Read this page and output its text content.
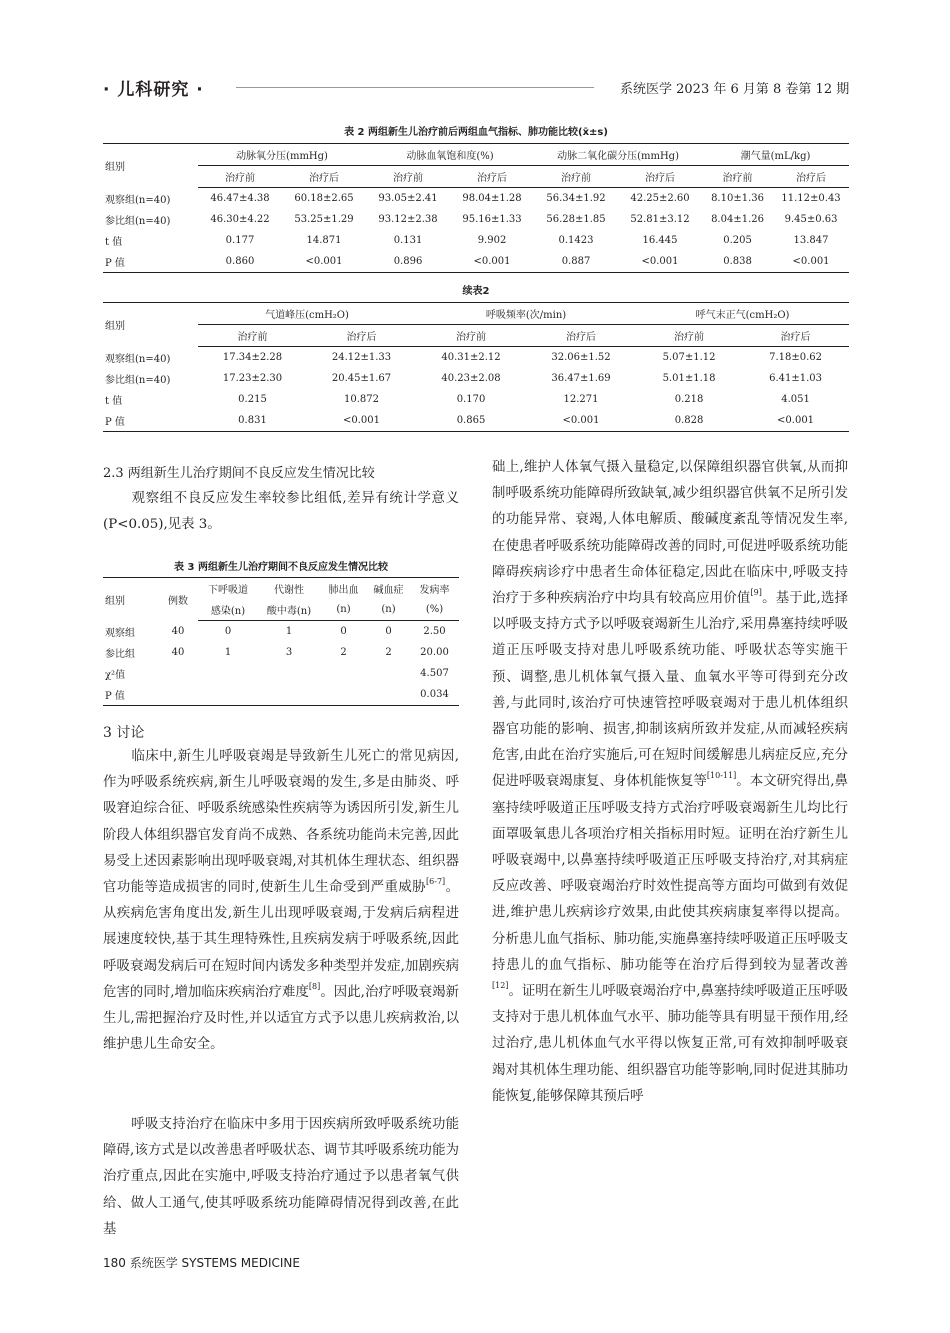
· 儿科研究 ·	系统医学 2023 年 6 月第 8 卷第 12 期
表 2 两组新生儿治疗前后两组血气指标、肺功能比较(x̄±s)
组别	动脉氧分压(mmHg)		动脉血氧饱和度(%)		动脉二氧化碳分压(mmHg)		潮气量(mL/kg)	
	治疗前	治疗后	治疗前	治疗后	治疗前	治疗后	治疗前	治疗后
观察组(n=40)	46.47±4.38	60.18±2.65	93.05±2.41	98.04±1.28	56.34±1.92	42.25±2.60	8.10±1.36	11.12±0.43
参比组(n=40)	46.30±4.22	53.25±1.29	93.12±2.38	95.16±1.33	56.28±1.85	52.81±3.12	8.04±1.26	9.45±0.63
t 值	0.177	14.871	0.131	9.902	0.1423	16.445	0.205	13.847
P 值	0.860	<0.001	0.896	<0.001	0.887	<0.001	0.838	<0.001
续表2
组别	气道峰压(cmH₂O)		呼吸频率(次/min)		呼气末正气(cmH₂O)	
	治疗前	治疗后	治疗前	治疗后	治疗前	治疗后
观察组(n=40)	17.34±2.28	24.12±1.33	40.31±2.12	32.06±1.52	5.07±1.12	7.18±0.62
参比组(n=40)	17.23±2.30	20.45±1.67	40.23±2.08	36.47±1.69	5.01±1.18	6.41±1.03
t 值	0.215	10.872	0.170	12.271	0.218	4.051
P 值	0.831	<0.001	0.865	<0.001	0.828	<0.001
2.3 两组新生儿治疗期间不良反应发生情况比较
观察组不良反应发生率较参比组低,差异有统计学意义(P<0.05),见表 3。
表 3 两组新生儿治疗期间不良反应发生情况比较
组别	例数	下呼吸道	代谢性	肺出血	碱血症	发病率
		感染(n)	酸中毒(n)	(n)	(n)	(%)
观察组	40	0	1	0	0	2.50
参比组	40	1	3	2	2	20.00
χ²值						4.507
P 值						0.034
3 讨论
临床中,新生儿呼吸衰竭是导致新生儿死亡的常见病因,作为呼吸系统疾病,新生儿呼吸衰竭的发生,多是由肺炎、呼吸窘迫综合征、呼吸系统感染性疾病等为诱因所引发,新生儿阶段人体组织器官发育尚不成熟、各系统功能尚未完善,因此易受上述因素影响出现呼吸衰竭,对其机体生理状态、组织器官功能等造成损害的同时,使新生儿生命受到严重威胁[6-7]。从疾病危害角度出发,新生儿出现呼吸衰竭,于发病后病程进展速度较快,基于其生理特殊性,且疾病发病于呼吸系统,因此呼吸衰竭发病后可在短时间内诱发多种类型并发症,加剧疾病危害的同时,增加临床疾病治疗难度[8]。因此,治疗呼吸衰竭新生儿,需把握治疗及时性,并以适宜方式予以患儿疾病救治,以维护患儿生命安全。
呼吸支持治疗在临床中多用于因疾病所致呼吸系统功能障碍,该方式是以改善患者呼吸状态、调节其呼吸系统功能为治疗重点,因此在实施中,呼吸支持治疗通过予以患者氧气供给、做人工通气,使其呼吸系统功能障碍情况得到改善,在此基
础上,维护人体氧气摄入量稳定,以保障组织器官供氧,从而抑制呼吸系统功能障碍所致缺氧,减少组织器官供氧不足所引发的功能异常、衰竭,人体电解质、酸碱度紊乱等情况发生率,在使患者呼吸系统功能障碍改善的同时,可促进呼吸系统功能障碍疾病诊疗中患者生命体征稳定,因此在临床中,呼吸支持治疗于多种疾病治疗中均具有较高应用价值[9]。基于此,选择以呼吸支持方式予以呼吸衰竭新生儿治疗,采用鼻塞持续呼吸道正压呼吸支持对患儿呼吸系统功能、呼吸状态等实施干预、调整,患儿机体氧气摄入量、血氧水平等可得到充分改善,与此同时,该治疗可快速管控呼吸衰竭对于患儿机体组织器官功能的影响、损害,抑制该病所致并发症,从而减轻疾病危害,由此在治疗实施后,可在短时间缓解患儿病症反应,充分促进呼吸衰竭康复、身体机能恢复等[10-11]。本文研究得出,鼻塞持续呼吸道正压呼吸支持方式治疗呼吸衰竭新生儿均比行面罩吸氧患儿各项治疗相关指标用时短。证明在治疗新生儿呼吸衰竭中,以鼻塞持续呼吸道正压呼吸支持治疗,对其病症反应改善、呼吸衰竭治疗时效性提高等方面均可做到有效促进,维护患儿疾病诊疗效果,由此使其疾病康复率得以提高。分析患儿血气指标、肺功能,实施鼻塞持续呼吸道正压呼吸支持患儿的血气指标、肺功能等在治疗后得到较为显著改善[12]。证明在新生儿呼吸衰竭治疗中,鼻塞持续呼吸道正压呼吸支持对于患儿机体血气水平、肺功能等具有明显干预作用,经过治疗,患儿机体血气水平得以恢复正常,可有效抑制呼吸衰竭对其机体生理功能、组织器官功能等影响,同时促进其肺功能恢复,能够保障其预后呼
180 系统医学 SYSTEMS MEDICINE
